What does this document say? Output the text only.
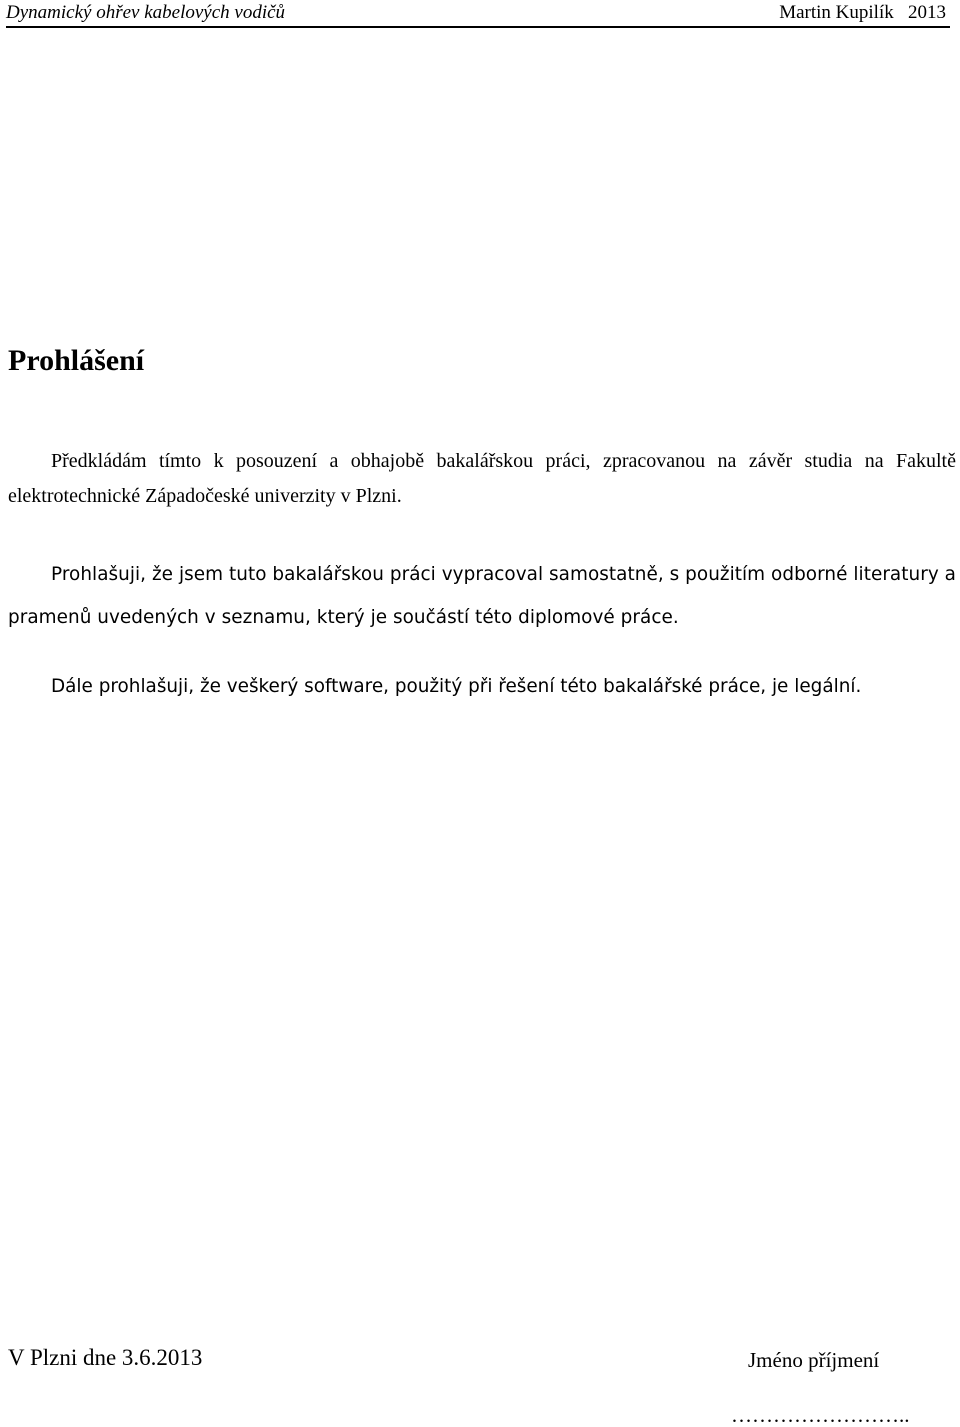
Dynamický ohřev kabelových vodičů	Martin Kupilík   2013
Prohlášení

Předkládám tímto k posouzení a obhajobě bakalářskou práci, zpracovanou na závěr studia na Fakultě elektrotechnické Západočeské univerzity v Plzni.

Prohlašuji, že jsem tuto bakalářskou práci vypracoval samostatně, s použitím odborné literatury a pramenů uvedených v seznamu, který je součástí této diplomové práce.

Dále prohlašuji, že veškerý software, použitý při řešení této bakalářské práce, je legální.

V Plzni dne 3.6.2013	Jméno příjmení
……………………..
